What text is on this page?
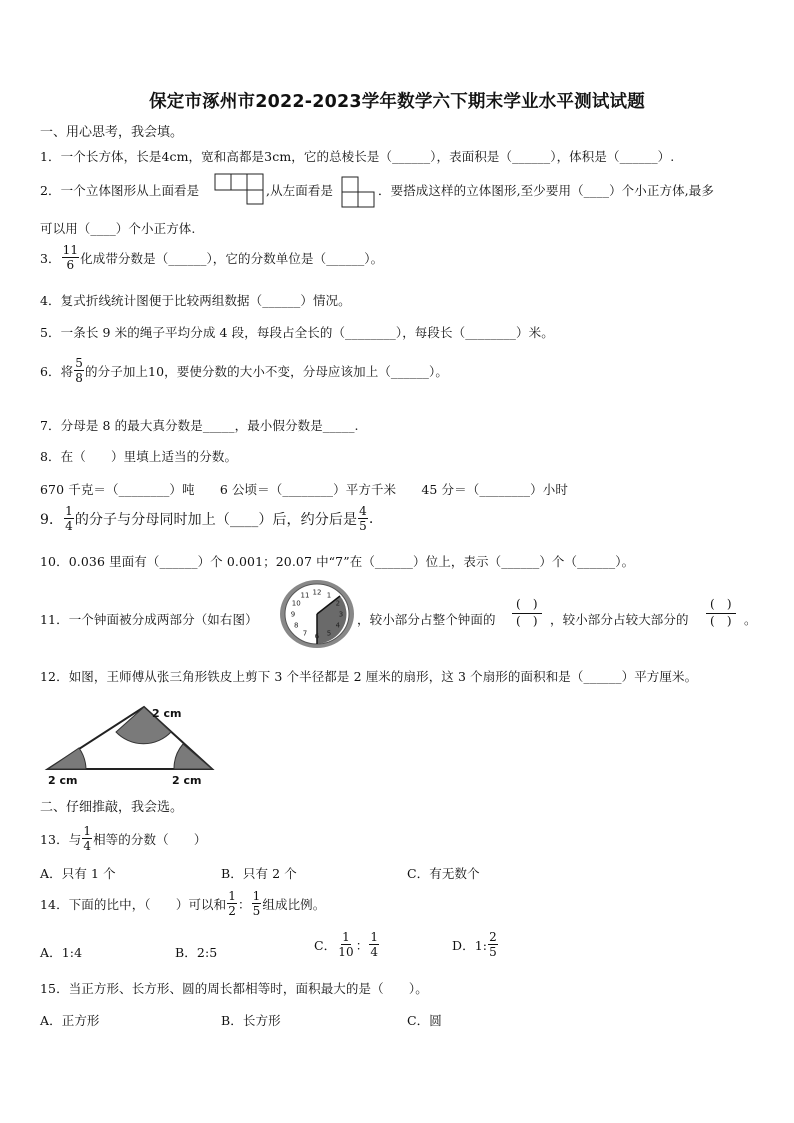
保定市涿州市2022-2023学年数学六下期末学业水平测试试题
一、用心思考，我会填。
1．一个长方体，长是4cm，宽和高都是3cm，它的总棱长是（______），表面积是（______），体积是（______）.
2．一个立体图形从上面看是	,从左面看是	．要搭成这样的立体图形,至少要用（____）个小正方体,最多
可以用（____）个小正方体.
3． $\frac{11}{6}$ 化成带分数是（______），它的分数单位是（______）。
4．复式折线统计图便于比较两组数据（______）情况。
5．一条长 9 米的绳子平均分成 4 段，每段占全长的（________），每段长（________）米。
6．将 $\frac{5}{8}$ 的分子加上10，要使分数的大小不变，分母应该加上（______）。
7．分母是 8 的最大真分数是_____，最小假分数是_____.
8．在（　　）里填上适当的分数。
670 千克＝（________）吨　　6 公顷＝（________）平方千米　　45 分＝（________）小时
9． $\frac{1}{4}$ 的分子与分母同时加上（____）后，约分后是 $\frac{4}{5}$ .
10．0.036 里面有（______）个 0.001；20.07 中“7”在（______）位上，表示（______）个（______）。
11．一个钟面被分成两部分（如右图）
12 1
2
3
4
5
6
7
8
9
10
11
，较小部分占整个钟面的
(　)
(　) ，较小部分占较大部分的
(　)
(　) 。
12．如图，王师傅从张三角形铁皮上剪下 3 个半径都是 2 厘米的扇形，这 3 个扇形的面积和是（______）平方厘米。
2 cm
2 cm	2 cm
二、仔细推敲，我会选。
13．与 $\frac{1}{4}$ 相等的分数（　　）
A．只有 1 个	B．只有 2 个	C．有无数个
14．下面的比中，（　　）可以和 $\frac{1}{2}$ ： $\frac{1}{5}$ 组成比例。
A．1:4	B．2:5	C． $\frac{1}{10}$ ： $\frac{1}{4}$	D．1: $\frac{2}{5}$
15．当正方形、长方形、圆的周长都相等时，面积最大的是（　　）。
A．正方形	B．长方形	C．圆
